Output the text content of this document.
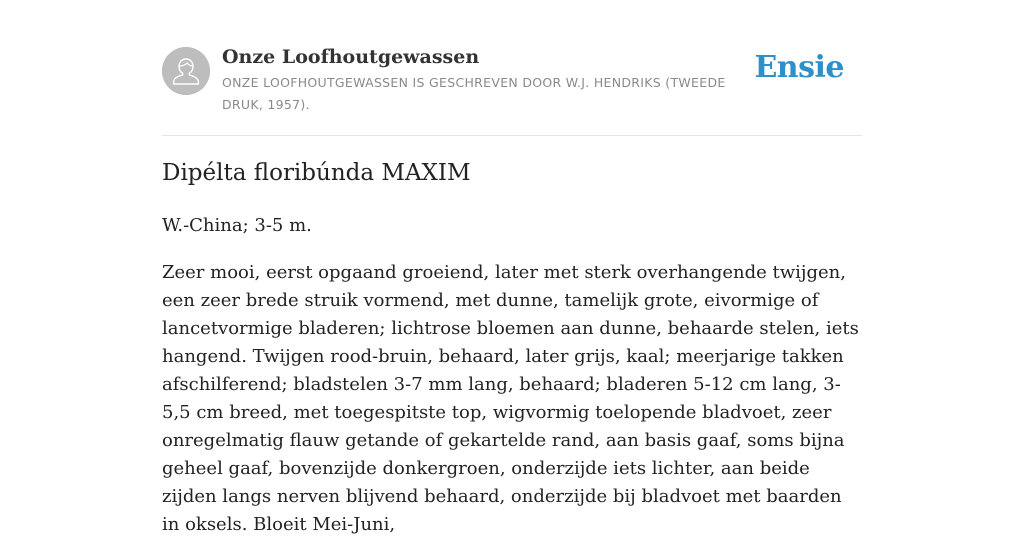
Onze Loofhoutgewassen

ONZE LOOFHOUTGEWASSEN IS GESCHREVEN DOOR W.J. HENDRIKS (TWEEDE DRUK, 1957).

Ensie
Dipélta floribúnda MAXIM

W.-China; 3-5 m.

Zeer mooi, eerst opgaand groeiend, later met sterk overhangende twijgen, een zeer brede struik vormend, met dunne, tamelijk grote, eivormige of lancetvormige bladeren; lichtrose bloemen aan dunne, behaarde stelen, iets hangend. Twijgen rood-bruin, behaard, later grijs, kaal; meerjarige takken afschilferend; bladstelen 3-7 mm lang, behaard; bladeren 5-12 cm lang, 3-5,5 cm breed, met toegespitste top, wigvormig toelopende bladvoet, zeer onregelmatig flauw getande of gekartelde rand, aan basis gaaf, soms bijna geheel gaaf, bovenzijde donkergroen, onderzijde iets lichter, aan beide zijden langs nerven blijvend behaard, onderzijde bij bladvoet met baarden in oksels. Bloeit Mei-Juni,
